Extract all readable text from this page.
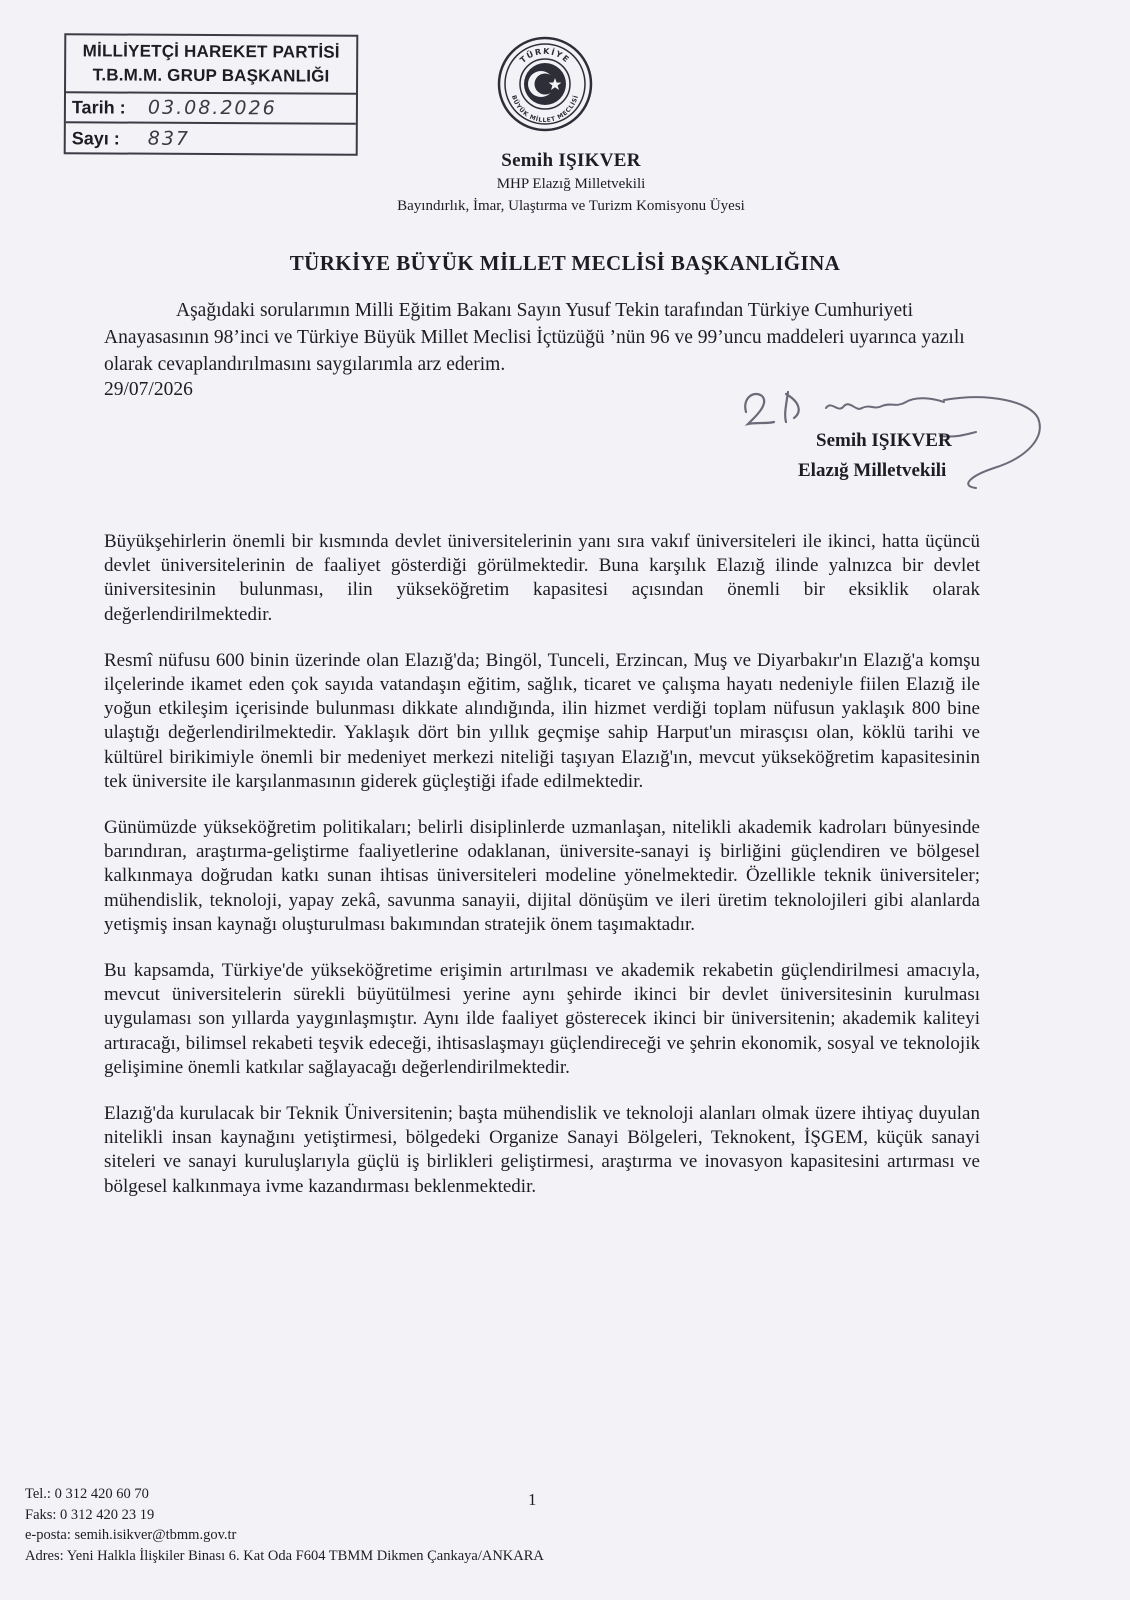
MİLLİYETÇİ HAREKET PARTİSİ
T.B.M.M. GRUP BAŞKANLIĞI
Tarih : 03.08.2026
Sayı :	837
TÜRKİYE
BÜYÜK MİLLET MECLİSİ
Semih IŞIKVER
MHP Elazığ Milletvekili
Bayındırlık, İmar, Ulaştırma ve Turizm Komisyonu Üyesi
TÜRKİYE BÜYÜK MİLLET MECLİSİ BAŞKANLIĞINA
Aşağıdaki sorularımın Milli Eğitim Bakanı Sayın Yusuf Tekin tarafından Türkiye Cumhuriyeti Anayasasının 98’inci ve Türkiye Büyük Millet Meclisi İçtüzüğü ’nün 96 ve 99’uncu maddeleri uyarınca yazılı olarak cevaplandırılmasını saygılarımla arz ederim.
29/07/2026
Semih IŞIKVER
Elazığ Milletvekili

Büyükşehirlerin önemli bir kısmında devlet üniversitelerinin yanı sıra vakıf üniversiteleri ile ikinci, hatta üçüncü devlet üniversitelerinin de faaliyet gösterdiği görülmektedir. Buna karşılık Elazığ ilinde yalnızca bir devlet üniversitesinin bulunması, ilin yükseköğretim kapasitesi açısından önemli bir eksiklik olarak değerlendirilmektedir.

Resmî nüfusu 600 binin üzerinde olan Elazığ'da; Bingöl, Tunceli, Erzincan, Muş ve Diyarbakır'ın Elazığ'a komşu ilçelerinde ikamet eden çok sayıda vatandaşın eğitim, sağlık, ticaret ve çalışma hayatı nedeniyle fiilen Elazığ ile yoğun etkileşim içerisinde bulunması dikkate alındığında, ilin hizmet verdiği toplam nüfusun yaklaşık 800 bine ulaştığı değerlendirilmektedir. Yaklaşık dört bin yıllık geçmişe sahip Harput'un mirasçısı olan, köklü tarihi ve kültürel birikimiyle önemli bir medeniyet merkezi niteliği taşıyan Elazığ'ın, mevcut yükseköğretim kapasitesinin tek üniversite ile karşılanmasının giderek güçleştiği ifade edilmektedir.

Günümüzde yükseköğretim politikaları; belirli disiplinlerde uzmanlaşan, nitelikli akademik kadroları bünyesinde barındıran, araştırma-geliştirme faaliyetlerine odaklanan, üniversite-sanayi iş birliğini güçlendiren ve bölgesel kalkınmaya doğrudan katkı sunan ihtisas üniversiteleri modeline yönelmektedir. Özellikle teknik üniversiteler; mühendislik, teknoloji, yapay zekâ, savunma sanayii, dijital dönüşüm ve ileri üretim teknolojileri gibi alanlarda yetişmiş insan kaynağı oluşturulması bakımından stratejik önem taşımaktadır.

Bu kapsamda, Türkiye'de yükseköğretime erişimin artırılması ve akademik rekabetin güçlendirilmesi amacıyla, mevcut üniversitelerin sürekli büyütülmesi yerine aynı şehirde ikinci bir devlet üniversitesinin kurulması uygulaması son yıllarda yaygınlaşmıştır. Aynı ilde faaliyet gösterecek ikinci bir üniversitenin; akademik kaliteyi artıracağı, bilimsel rekabeti teşvik edeceği, ihtisaslaşmayı güçlendireceği ve şehrin ekonomik, sosyal ve teknolojik gelişimine önemli katkılar sağlayacağı değerlendirilmektedir.

Elazığ'da kurulacak bir Teknik Üniversitenin; başta mühendislik ve teknoloji alanları olmak üzere ihtiyaç duyulan nitelikli insan kaynağını yetiştirmesi, bölgedeki Organize Sanayi Bölgeleri, Teknokent, İŞGEM, küçük sanayi siteleri ve sanayi kuruluşlarıyla güçlü iş birlikleri geliştirmesi, araştırma ve inovasyon kapasitesini artırması ve bölgesel kalkınmaya ivme kazandırması beklenmektedir.

1
Tel.: 0 312 420 60 70
Faks: 0 312 420 23 19
e-posta: semih.isikver@tbmm.gov.tr
Adres: Yeni Halkla İlişkiler Binası 6. Kat Oda F604 TBMM Dikmen Çankaya/ANKARA
